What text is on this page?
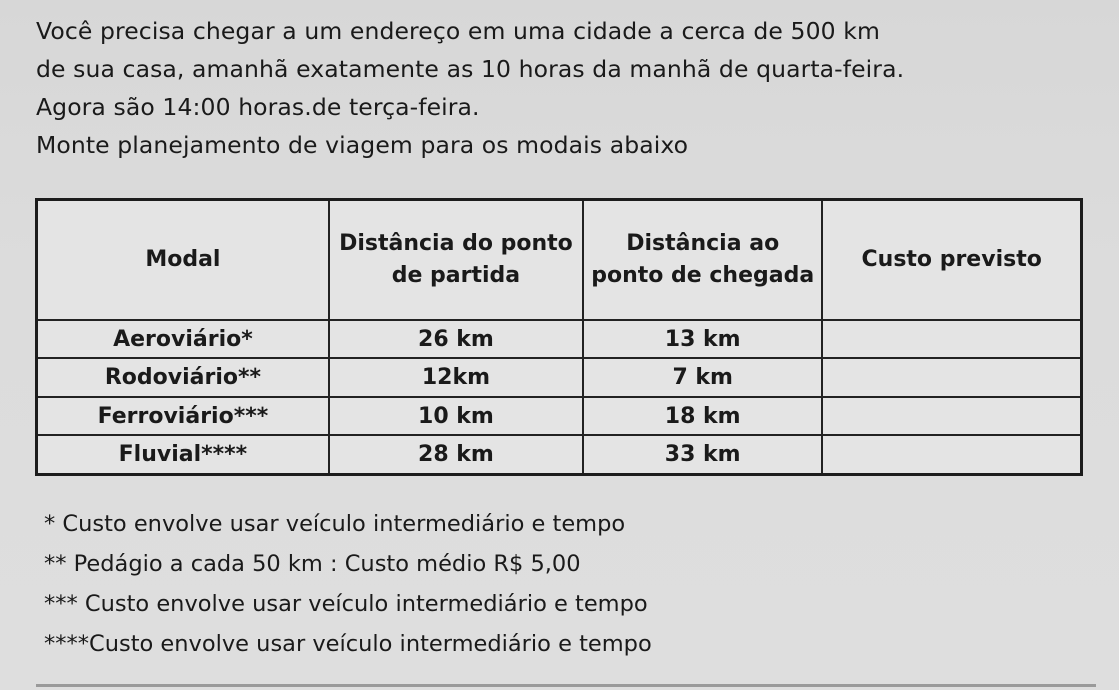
Você precisa chegar a um endereço em uma cidade a cerca de 500 km

de sua casa, amanhã exatamente as 10 horas da manhã de quarta-feira.

Agora são 14:00 horas.de terça-feira.

Monte planejamento de viagem para os modais abaixo

Modal	Distância do ponto de partida	Distância ao ponto de chegada	Custo previsto
Aeroviário*	26 km	13 km	
Rodoviário**	12km	7 km	
Ferroviário***	10 km	18 km	
Fluvial****	28 km	33 km	

* Custo envolve usar veículo intermediário e tempo

** Pedágio a cada 50 km : Custo médio R$ 5,00

*** Custo envolve usar veículo intermediário e tempo

****Custo envolve usar veículo intermediário e tempo
